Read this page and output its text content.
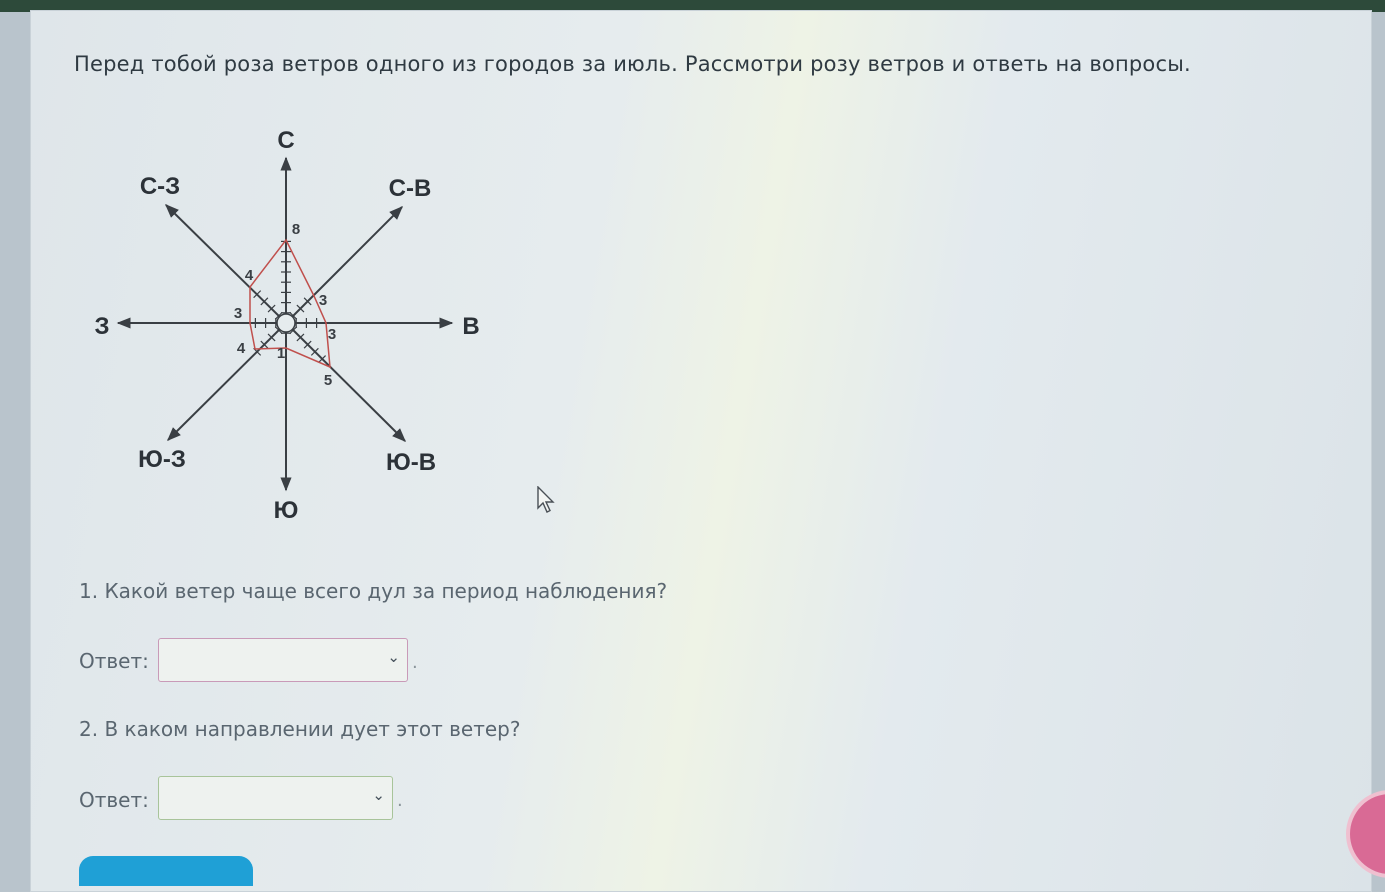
Перед тобой роза ветров одного из городов за июль. Рассмотри розу ветров и ответь на вопросы.
С
С-В
В
Ю-В
Ю
Ю-З
З
С-З
8
3
3
5
1
4
3
4
1. Какой ветер чаще всего дул за период наблюдения?
Ответ:	⌄ .
2. В каком направлении дует этот ветер?
Ответ:	⌄ .
